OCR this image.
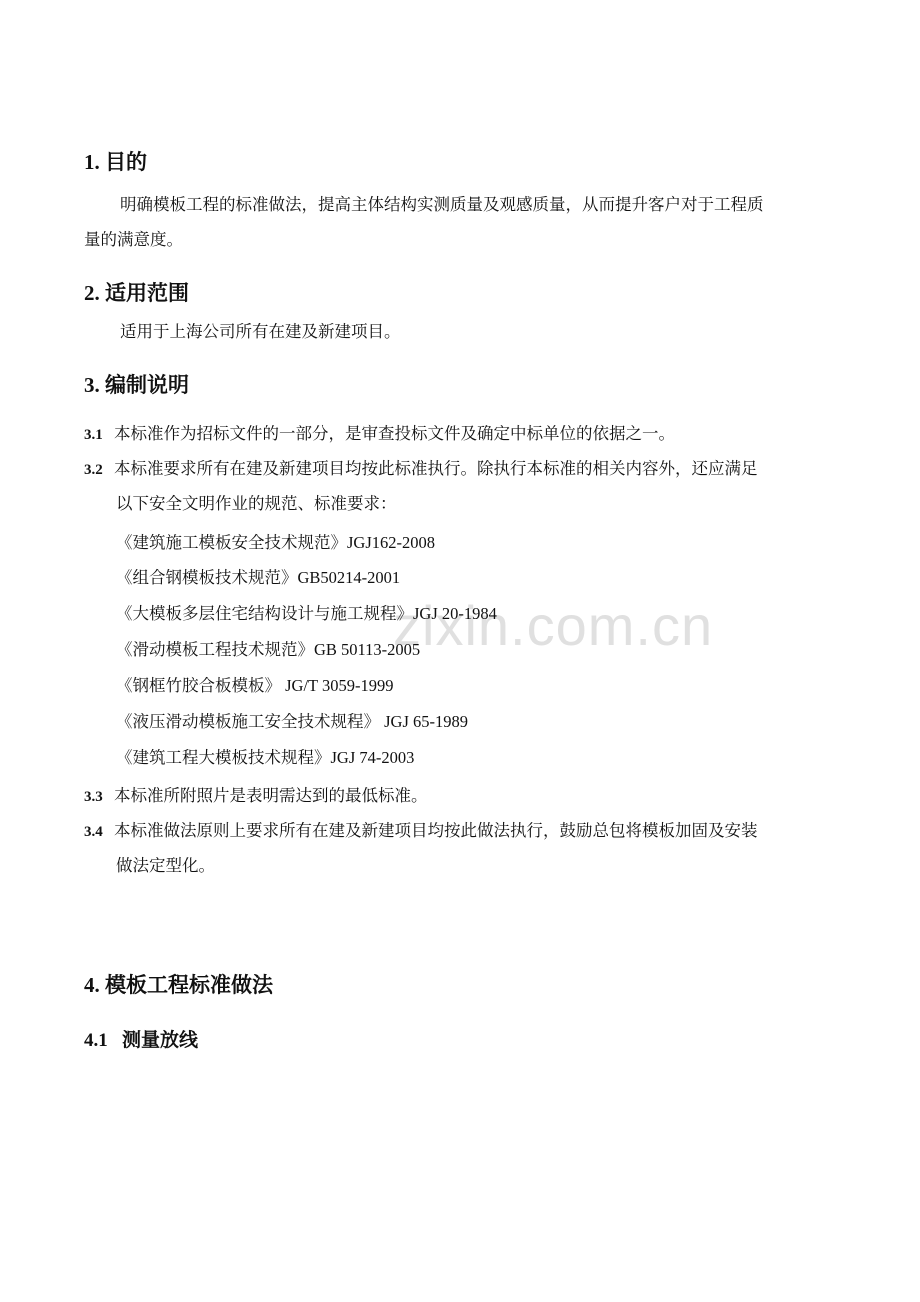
zixin.com.cn
1. 目的
明确模板工程的标准做法，提高主体结构实测质量及观感质量，从而提升客户对于工程质
量的满意度。
2. 适用范围
适用于上海公司所有在建及新建项目。
3. 编制说明
3.1 本标准作为招标文件的一部分，是审查投标文件及确定中标单位的依据之一。
3.2 本标准要求所有在建及新建项目均按此标准执行。除执行本标准的相关内容外，还应满足
以下安全文明作业的规范、标准要求：
《建筑施工模板安全技术规范》JGJ162-2008
《组合钢模板技术规范》GB50214-2001
《大模板多层住宅结构设计与施工规程》JGJ 20-1984
《滑动模板工程技术规范》GB 50113-2005
《钢框竹胶合板模板》 JG/T 3059-1999
《液压滑动模板施工安全技术规程》 JGJ 65-1989
《建筑工程大模板技术规程》JGJ 74-2003
3.3 本标准所附照片是表明需达到的最低标准。
3.4 本标准做法原则上要求所有在建及新建项目均按此做法执行，鼓励总包将模板加固及安装
做法定型化。
4. 模板工程标准做法
4.1 测量放线
